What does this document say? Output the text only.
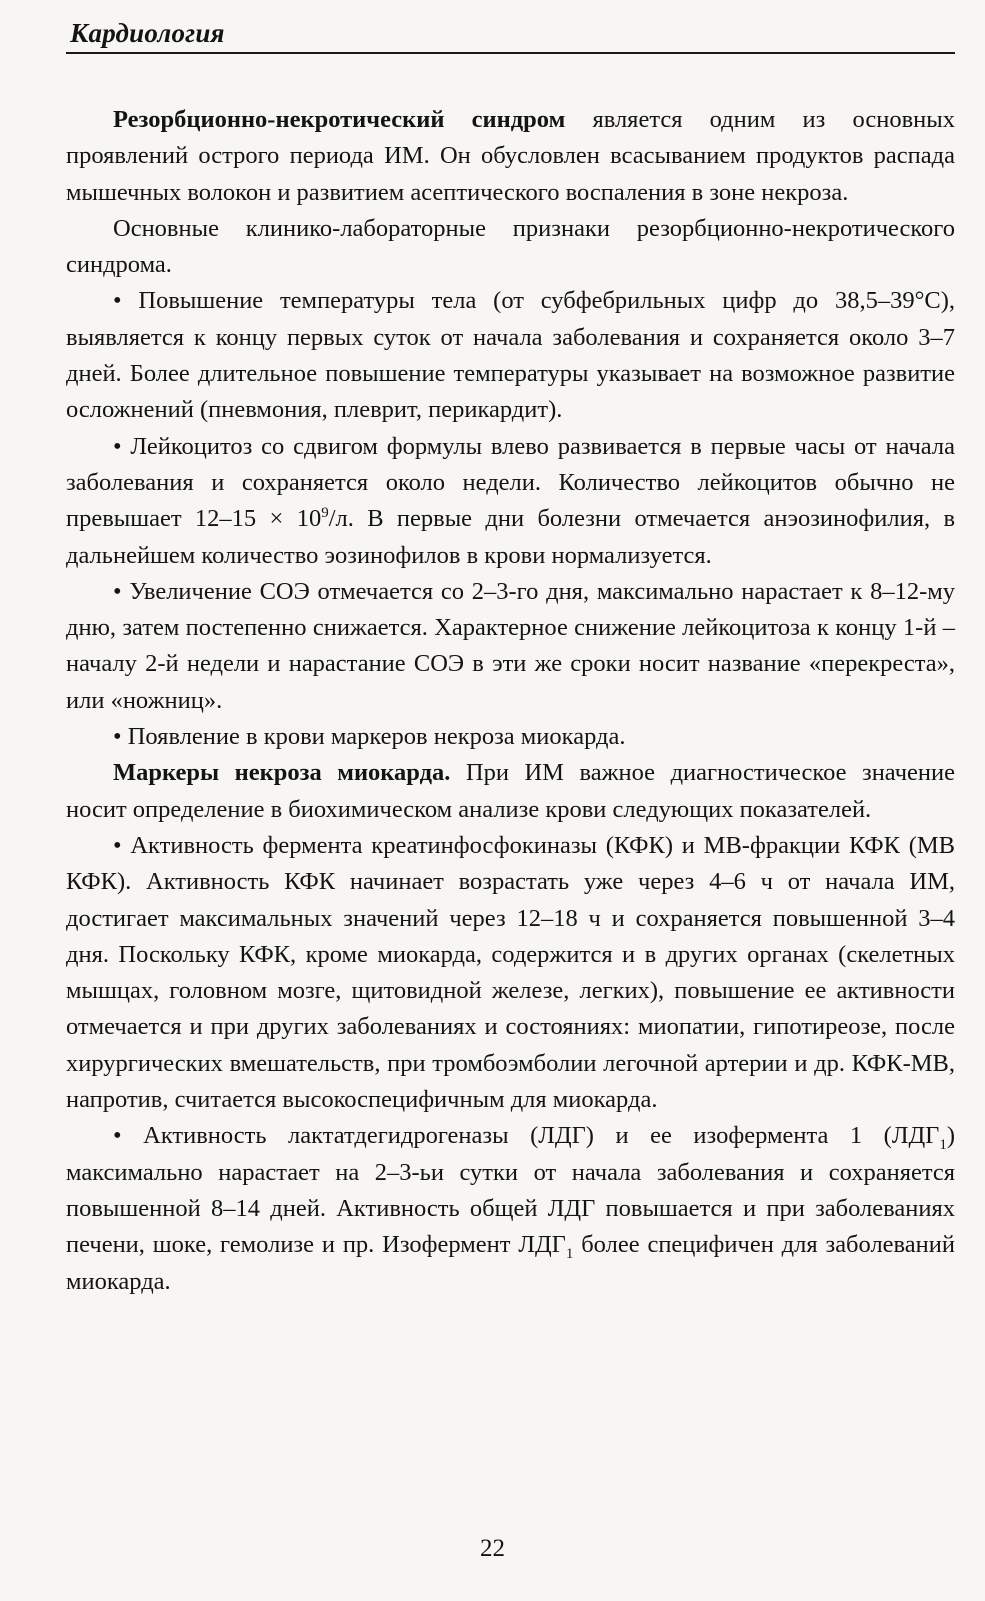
Кардиология

Резорбционно-некротический синдром является одним из основных проявлений острого периода ИМ. Он обусловлен всасыванием продуктов распада мышечных волокон и развитием асептического воспаления в зоне некроза.

Основные клинико-лабораторные признаки резорбционно-некротического синдрома.

• Повышение температуры тела (от субфебрильных цифр до 38,5–39°С), выявляется к концу первых суток от начала заболевания и сохраняется около 3–7 дней. Более длительное повышение температуры указывает на возможное развитие осложнений (пневмония, плеврит, перикардит).

• Лейкоцитоз со сдвигом формулы влево развивается в первые часы от начала заболевания и сохраняется около недели. Количество лейкоцитов обычно не превышает $12-15 \times 10^9/л$. В первые дни болезни отмечается анэозинофилия, в дальнейшем количество эозинофилов в крови нормализуется.

• Увеличение СОЭ отмечается со 2–3-го дня, максимально нарастает к 8–12-му дню, затем постепенно снижается. Характерное снижение лейкоцитоза к концу 1-й – началу 2-й недели и нарастание СОЭ в эти же сроки носит название «перекреста», или «ножниц».

• Появление в крови маркеров некроза миокарда.

Маркеры некроза миокарда. При ИМ важное диагностическое значение носит определение в биохимическом анализе крови следующих показателей.

• Активность фермента креатинфосфокиназы (КФК) и МВ-фракции КФК (МВ КФК). Активность КФК начинает возрастать уже через 4–6 ч от начала ИМ, достигает максимальных значений через 12–18 ч и сохраняется повышенной 3–4 дня. Поскольку КФК, кроме миокарда, содержится и в других органах (скелетных мышцах, головном мозге, щитовидной железе, легких), повышение ее активности отмечается и при других заболеваниях и состояниях: миопатии, гипотиреозе, после хирургических вмешательств, при тромбоэмболии легочной артерии и др. КФК-МВ, напротив, считается высокоспецифичным для миокарда.

• Активность лактатдегидрогеназы (ЛДГ) и ее изофермента 1 $(ЛДГ_1)$ максимально нарастает на 2–3-ьи сутки от начала заболевания и сохраняется повышенной 8–14 дней. Активность общей ЛДГ повышается и при заболеваниях печени, шоке, гемолизе и пр. Изофермент $ЛДГ_1$ более специфичен для заболеваний миокарда.

22
